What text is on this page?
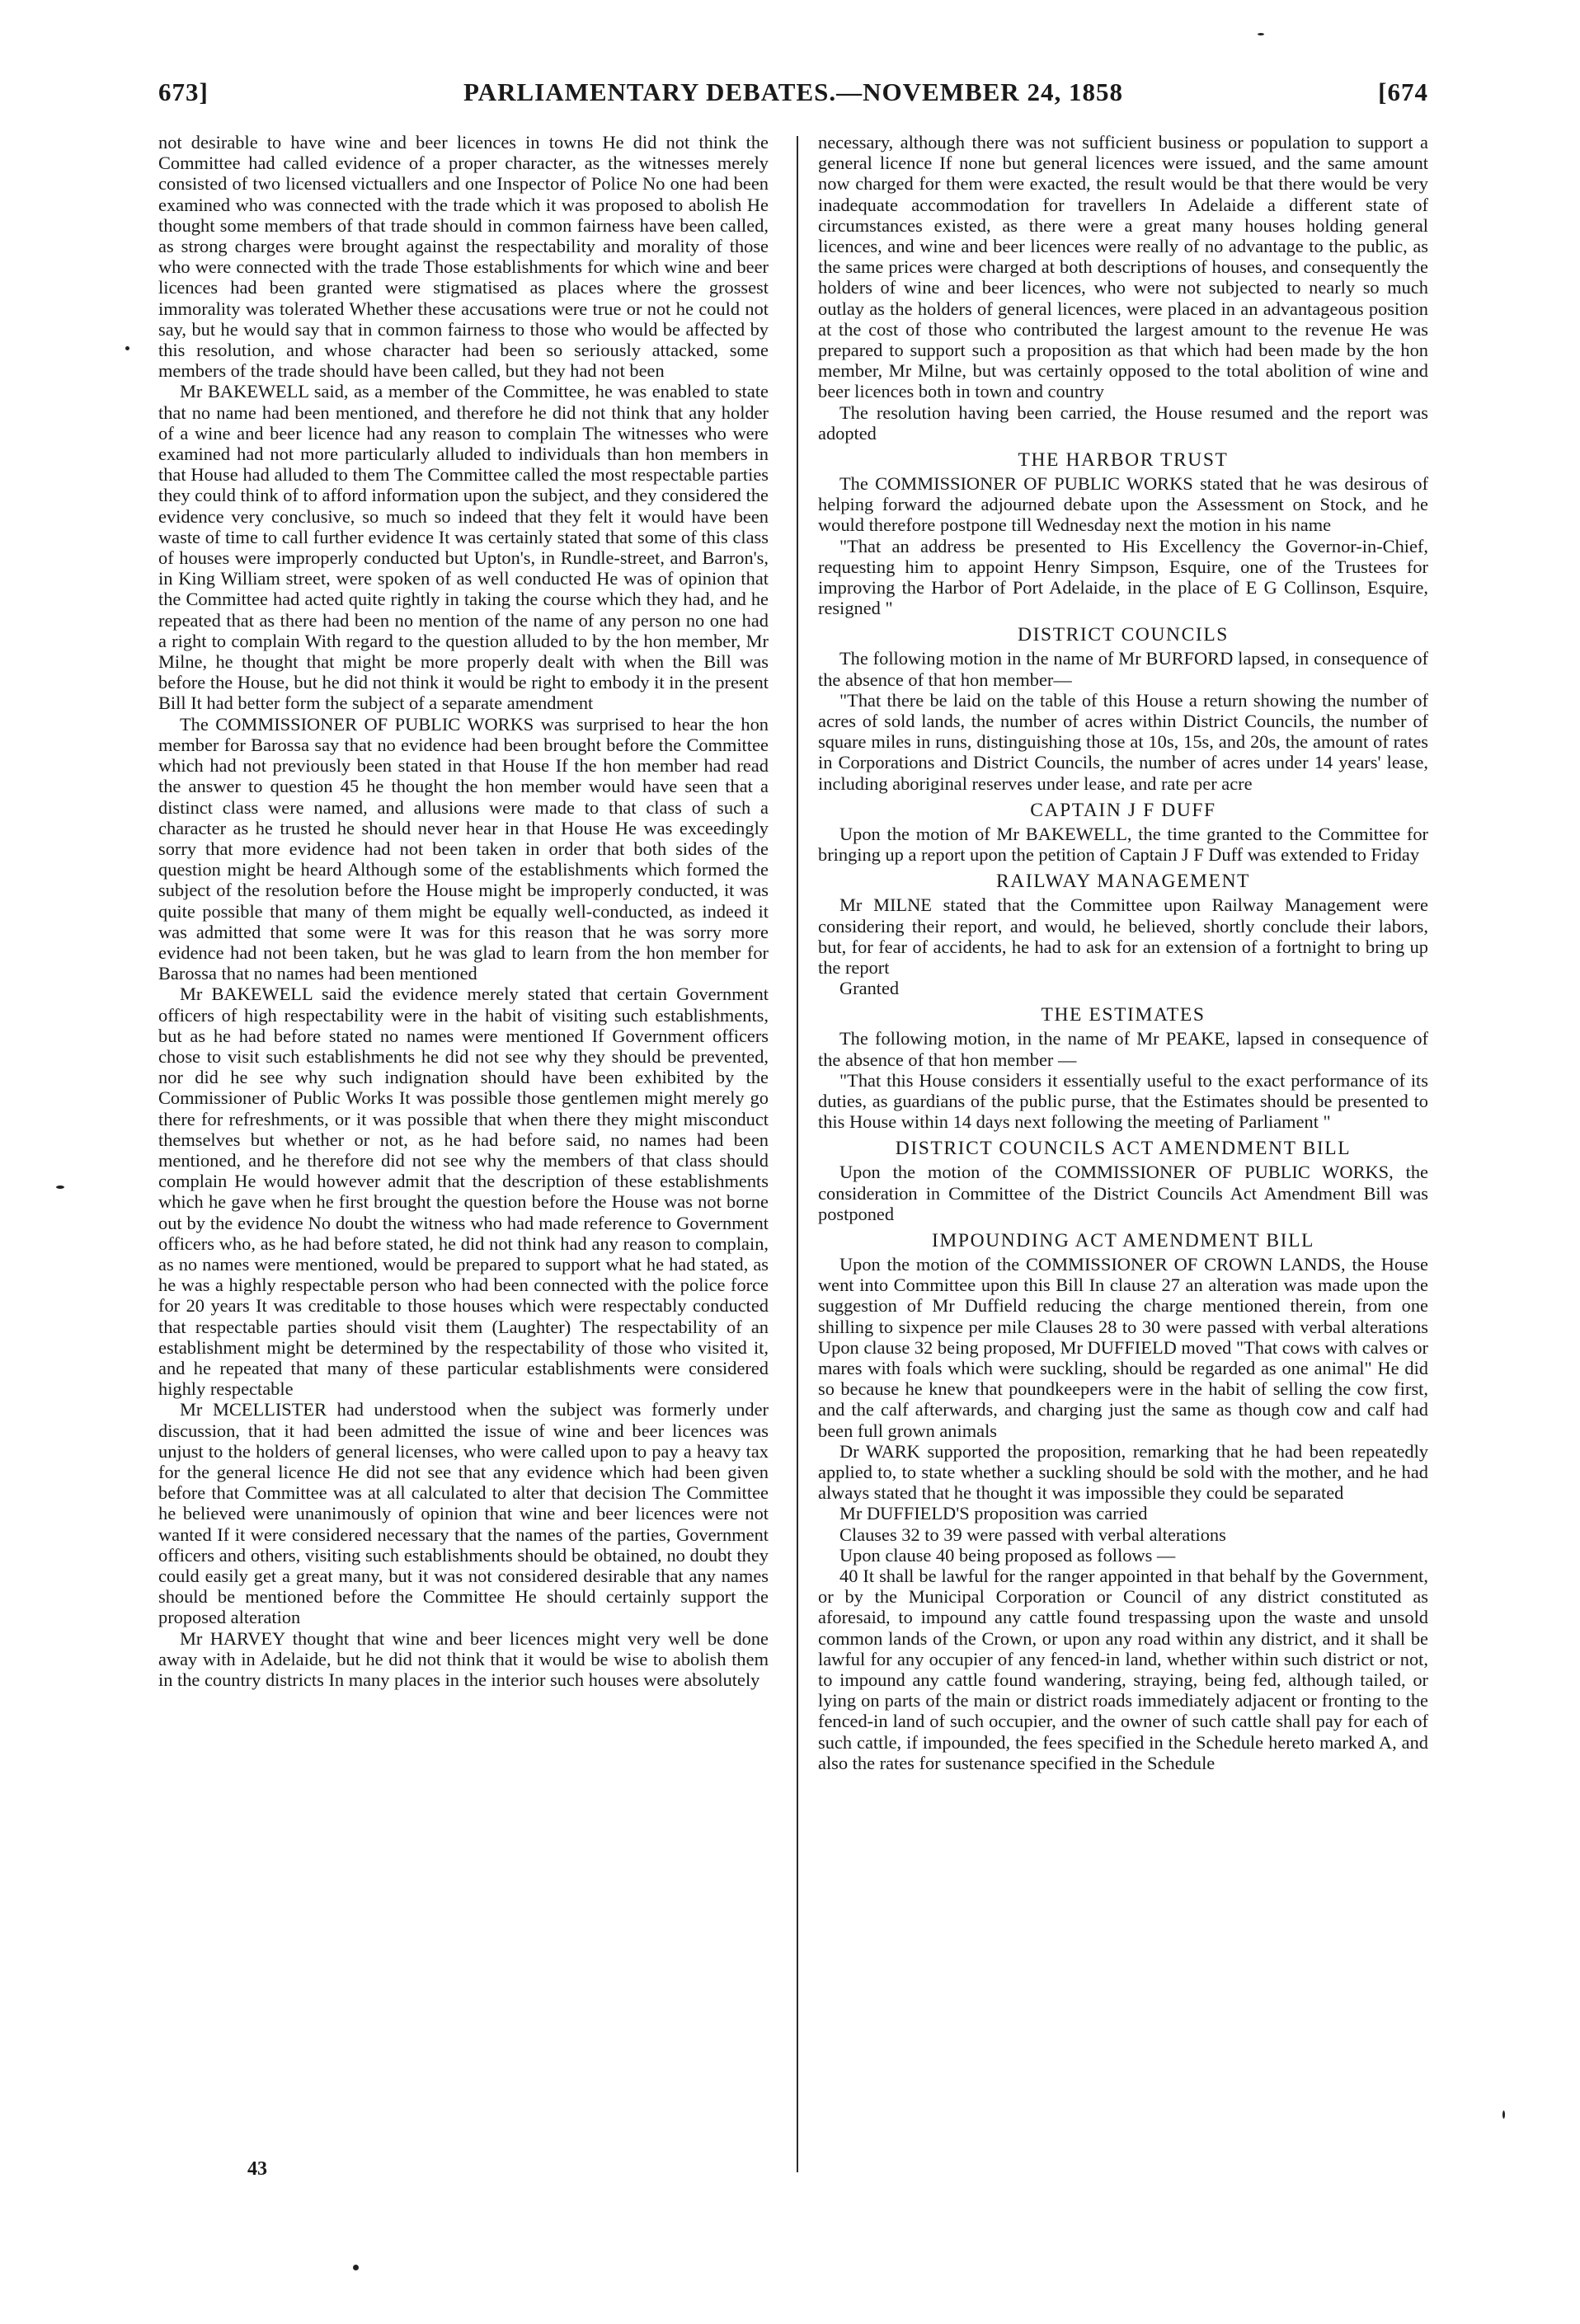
673]	PARLIAMENTARY DEBATES.—NOVEMBER 24, 1858	[674

not desirable to have wine and beer licences in towns He did not think the Committee had called evidence of a proper character, as the witnesses merely consisted of two licensed victuallers and one Inspector of Police No one had been examined who was connected with the trade which it was proposed to abolish He thought some members of that trade should in common fairness have been called, as strong charges were brought against the respectability and morality of those who were connected with the trade Those establishments for which wine and beer licences had been granted were stigmatised as places where the grossest immorality was tolerated Whether these accusations were true or not he could not say, but he would say that in common fairness to those who would be affected by this resolution, and whose character had been so seriously attacked, some members of the trade should have been called, but they had not been

Mr BAKEWELL said, as a member of the Committee, he was enabled to state that no name had been mentioned, and therefore he did not think that any holder of a wine and beer licence had any reason to complain The witnesses who were examined had not more particularly alluded to individuals than hon members in that House had alluded to them The Committee called the most respectable parties they could think of to afford information upon the subject, and they considered the evidence very conclusive, so much so indeed that they felt it would have been waste of time to call further evidence It was certainly stated that some of this class of houses were improperly conducted but Upton's, in Rundle-street, and Barron's, in King William street, were spoken of as well conducted He was of opinion that the Committee had acted quite rightly in taking the course which they had, and he repeated that as there had been no mention of the name of any person no one had a right to complain With regard to the question alluded to by the hon member, Mr Milne, he thought that might be more properly dealt with when the Bill was before the House, but he did not think it would be right to embody it in the present Bill It had better form the subject of a separate amendment

The COMMISSIONER OF PUBLIC WORKS was surprised to hear the hon member for Barossa say that no evidence had been brought before the Committee which had not previously been stated in that House If the hon member had read the answer to question 45 he thought the hon member would have seen that a distinct class were named, and allusions were made to that class of such a character as he trusted he should never hear in that House He was exceedingly sorry that more evidence had not been taken in order that both sides of the question might be heard Although some of the establishments which formed the subject of the resolution before the House might be improperly conducted, it was quite possible that many of them might be equally well-conducted, as indeed it was admitted that some were It was for this reason that he was sorry more evidence had not been taken, but he was glad to learn from the hon member for Barossa that no names had been mentioned

Mr BAKEWELL said the evidence merely stated that certain Government officers of high respectability were in the habit of visiting such establishments, but as he had before stated no names were mentioned If Government officers chose to visit such establishments he did not see why they should be prevented, nor did he see why such indignation should have been exhibited by the Commissioner of Public Works It was possible those gentlemen might merely go there for refreshments, or it was possible that when there they might misconduct themselves but whether or not, as he had before said, no names had been mentioned, and he therefore did not see why the members of that class should complain He would however admit that the description of these establishments which he gave when he first brought the question before the House was not borne out by the evidence No doubt the witness who had made reference to Government officers who, as he had before stated, he did not think had any reason to complain, as no names were mentioned, would be prepared to support what he had stated, as he was a highly respectable person who had been connected with the police force for 20 years It was creditable to those houses which were respectably conducted that respectable parties should visit them (Laughter) The respectability of an establishment might be determined by the respectability of those who visited it, and he repeated that many of these particular establishments were considered highly respectable

Mr MCELLISTER had understood when the subject was formerly under discussion, that it had been admitted the issue of wine and beer licences was unjust to the holders of general licenses, who were called upon to pay a heavy tax for the general licence He did not see that any evidence which had been given before that Committee was at all calculated to alter that decision The Committee he believed were unanimously of opinion that wine and beer licences were not wanted If it were considered necessary that the names of the parties, Government officers and others, visiting such establishments should be obtained, no doubt they could easily get a great many, but it was not considered desirable that any names should be mentioned before the Committee He should certainly support the proposed alteration

Mr HARVEY thought that wine and beer licences might very well be done away with in Adelaide, but he did not think that it would be wise to abolish them in the country districts In many places in the interior such houses were absolutely

necessary, although there was not sufficient business or population to support a general licence If none but general licences were issued, and the same amount now charged for them were exacted, the result would be that there would be very inadequate accommodation for travellers In Adelaide a different state of circumstances existed, as there were a great many houses holding general licences, and wine and beer licences were really of no advantage to the public, as the same prices were charged at both descriptions of houses, and consequently the holders of wine and beer licences, who were not subjected to nearly so much outlay as the holders of general licences, were placed in an advantageous position at the cost of those who contributed the largest amount to the revenue He was prepared to support such a proposition as that which had been made by the hon member, Mr Milne, but was certainly opposed to the total abolition of wine and beer licences both in town and country

The resolution having been carried, the House resumed and the report was adopted

THE HARBOR TRUST

The COMMISSIONER OF PUBLIC WORKS stated that he was desirous of helping forward the adjourned debate upon the Assessment on Stock, and he would therefore postpone till Wednesday next the motion in his name

"That an address be presented to His Excellency the Governor-in-Chief, requesting him to appoint Henry Simpson, Esquire, one of the Trustees for improving the Harbor of Port Adelaide, in the place of E G Collinson, Esquire, resigned "

DISTRICT COUNCILS

The following motion in the name of Mr BURFORD lapsed, in consequence of the absence of that hon member—

"That there be laid on the table of this House a return showing the number of acres of sold lands, the number of acres within District Councils, the number of square miles in runs, distinguishing those at 10s, 15s, and 20s, the amount of rates in Corporations and District Councils, the number of acres under 14 years' lease, including aboriginal reserves under lease, and rate per acre

CAPTAIN J F DUFF

Upon the motion of Mr BAKEWELL, the time granted to the Committee for bringing up a report upon the petition of Captain J F Duff was extended to Friday

RAILWAY MANAGEMENT

Mr MILNE stated that the Committee upon Railway Management were considering their report, and would, he believed, shortly conclude their labors, but, for fear of accidents, he had to ask for an extension of a fortnight to bring up the report

Granted

THE ESTIMATES

The following motion, in the name of Mr PEAKE, lapsed in consequence of the absence of that hon member —

"That this House considers it essentially useful to the exact performance of its duties, as guardians of the public purse, that the Estimates should be presented to this House within 14 days next following the meeting of Parliament "

DISTRICT COUNCILS ACT AMENDMENT BILL

Upon the motion of the COMMISSIONER OF PUBLIC WORKS, the consideration in Committee of the District Councils Act Amendment Bill was postponed

IMPOUNDING ACT AMENDMENT BILL

Upon the motion of the COMMISSIONER OF CROWN LANDS, the House went into Committee upon this Bill In clause 27 an alteration was made upon the suggestion of Mr Duffield reducing the charge mentioned therein, from one shilling to sixpence per mile Clauses 28 to 30 were passed with verbal alterations Upon clause 32 being proposed, Mr DUFFIELD moved "That cows with calves or mares with foals which were suckling, should be regarded as one animal" He did so because he knew that poundkeepers were in the habit of selling the cow first, and the calf afterwards, and charging just the same as though cow and calf had been full grown animals

Dr WARK supported the proposition, remarking that he had been repeatedly applied to, to state whether a suckling should be sold with the mother, and he had always stated that he thought it was impossible they could be separated

Mr DUFFIELD'S proposition was carried

Clauses 32 to 39 were passed with verbal alterations

Upon clause 40 being proposed as follows —

40 It shall be lawful for the ranger appointed in that behalf by the Government, or by the Municipal Corporation or Council of any district constituted as aforesaid, to impound any cattle found trespassing upon the waste and unsold common lands of the Crown, or upon any road within any district, and it shall be lawful for any occupier of any fenced-in land, whether within such district or not, to impound any cattle found wandering, straying, being fed, although tailed, or lying on parts of the main or district roads immediately adjacent or fronting to the fenced-in land of such occupier, and the owner of such cattle shall pay for each of such cattle, if impounded, the fees specified in the Schedule hereto marked A, and also the rates for sustenance specified in the Schedule

43
